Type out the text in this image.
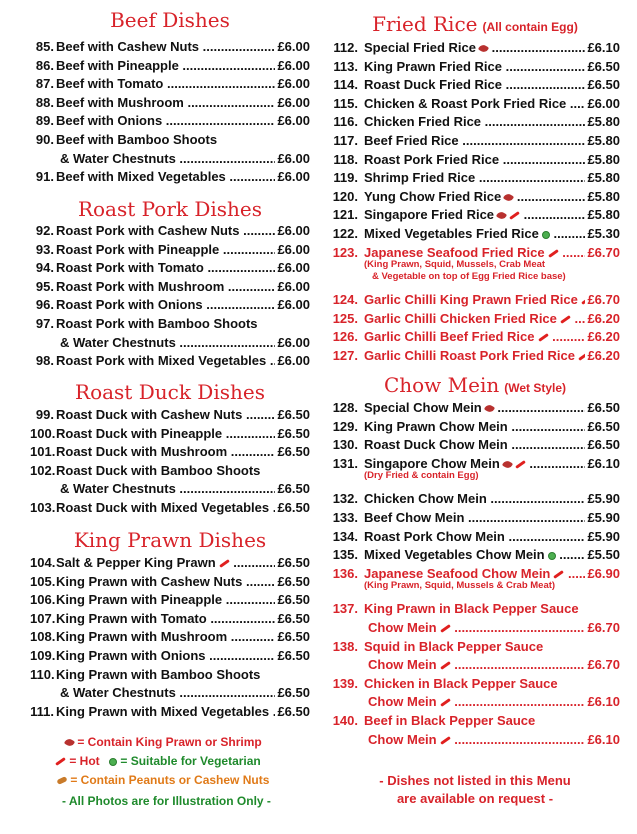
Beef Dishes
85. Beef with Cashew Nuts .....	£6.00
86. Beef with Pineapple .....	£6.00
87. Beef with Tomato .....	£6.00
88. Beef with Mushroom .....	£6.00
89. Beef with Onions .....	£6.00
90. Beef with Bamboo Shoots
& Water Chestnuts .....	£6.00
91. Beef with Mixed Vegetables .....	£6.00
Roast Pork Dishes
92. Roast Pork with Cashew Nuts .....	£6.00
93. Roast Pork with Pineapple .....	£6.00
94. Roast Pork with Tomato .....	£6.00
95. Roast Pork with Mushroom .....	£6.00
96. Roast Pork with Onions .....	£6.00
97. Roast Pork with Bamboo Shoots
& Water Chestnuts .....	£6.00
98. Roast Pork with Mixed Vegetables ..... £6.00
Roast Duck Dishes
99. Roast Duck with Cashew Nuts .....	£6.50
100. Roast Duck with Pineapple .....	£6.50
101. Roast Duck with Mushroom .....	£6.50
102. Roast Duck with Bamboo Shoots
& Water Chestnuts .....	£6.50
103. Roast Duck with Mixed Vegetables ..... £6.50
King Prawn Dishes
104. Salt & Pepper King Prawn .....	£6.50
105. King Prawn with Cashew Nuts .....	£6.50
106. King Prawn with Pineapple .....	£6.50
107. King Prawn with Tomato .....	£6.50
108. King Prawn with Mushroom .....	£6.50
109. King Prawn with Onions .....	£6.50
110. King Prawn with Bamboo Shoots
& Water Chestnuts .....	£6.50
111. King Prawn with Mixed Vegetables ..... £6.50
Fried Rice (All contain Egg)
112. Special Fried Rice .....	£6.10
113. King Prawn Fried Rice .....	£6.50
114. Roast Duck Fried Rice .....	£6.50
115. Chicken & Roast Pork Fried Rice .....	£6.00
116. Chicken Fried Rice .....	£5.80
117. Beef Fried Rice .....	£5.80
118. Roast Pork Fried Rice .....	£5.80
119. Shrimp Fried Rice .....	£5.80
120. Yung Chow Fried Rice .....	£5.80
121. Singapore Fried Rice .....	£5.80
122. Mixed Vegetables Fried Rice .....	£5.30
123. Japanese Seafood Fried Rice .....	£6.70
(King Prawn, Squid, Mussels, Crab Meat
& Vegetable on top of Egg Fried Rice base)
124. Garlic Chilli King Prawn Fried Rice ..... £6.70
125. Garlic Chilli Chicken Fried Rice .....	£6.20
126. Garlic Chilli Beef Fried Rice .....	£6.20
127. Garlic Chilli Roast Pork Fried Rice ..... £6.20
Chow Mein (Wet Style)
128. Special Chow Mein .....	£6.50
129. King Prawn Chow Mein .....	£6.50
130. Roast Duck Chow Mein .....	£6.50
131. Singapore Chow Mein .....	£6.10
(Dry Fried & contain Egg)
132. Chicken Chow Mein .....	£5.90
133. Beef Chow Mein .....	£5.90
134. Roast Pork Chow Mein .....	£5.90
135. Mixed Vegetables Chow Mein .....	£5.50
136. Japanese Seafood Chow Mein .....	£6.90
(King Prawn, Squid, Mussels & Crab Meat)
137. King Prawn in Black Pepper Sauce
Chow Mein .....	£6.70
138. Squid in Black Pepper Sauce
Chow Mein .....	£6.70
139. Chicken in Black Pepper Sauce
Chow Mein .....	£6.10
140. Beef in Black Pepper Sauce
Chow Mein .....	£6.10
= Contain King Prawn or Shrimp
= Hot = Suitable for Vegetarian
= Contain Peanuts or Cashew Nuts
- All Photos are for Illustration Only -
- Dishes not listed in this Menu
are available on request -
